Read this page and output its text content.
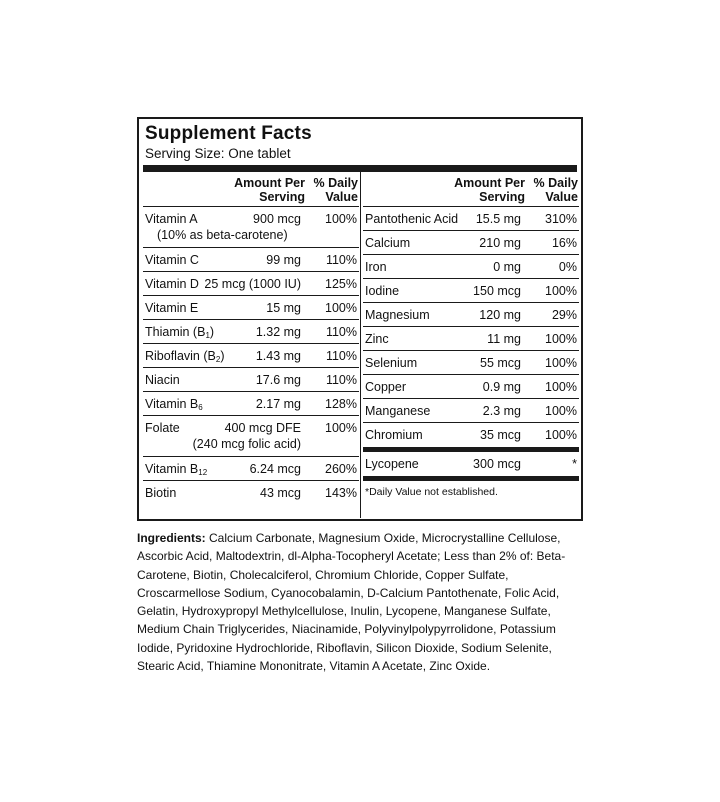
Supplement Facts
Serving Size: One tablet
Amount Per
Serving
% Daily
Value
Vitamin A	900 mcg 100%
(10% as beta-carotene)
Vitamin C	99 mg 110%
Vitamin D 25 mcg (1000 IU) 125%
Vitamin E	15 mg 100%
Thiamin $(B_1)$	1.32 mg 110%
Riboflavin $(B_2)$	1.43 mg 110%
Niacin	17.6 mg 110%
Vitamin $B_6$	2.17 mg 128%
Folate	400 mcg DFE 100%
(240 mcg folic acid)
Vitamin $B_{12}$	6.24 mcg 260%
Biotin	43 mcg 143%
Amount Per
Serving
% Daily
Value
Pantothenic Acid 15.5 mg 310%
Calcium	210 mg 16%
Iron	0 mg	0%
Iodine	150 mcg 100%
Magnesium	120 mg 29%
Zinc	11 mg 100%
Selenium	55 mcg 100%
Copper	0.9 mg 100%
Manganese	2.3 mg 100%
Chromium	35 mcg 100%
Lycopene	300 mcg	*
*Daily Value not established.
Ingredients: Calcium Carbonate, Magnesium Oxide, Microcrystalline Cellulose, Ascorbic Acid, Maltodextrin, dl-Alpha-Tocopheryl Acetate; Less than 2% of: Beta-Carotene, Biotin, Cholecalciferol, Chromium Chloride, Copper Sulfate, Croscarmellose Sodium, Cyanocobalamin, D-Calcium Pantothenate, Folic Acid, Gelatin, Hydroxypropyl Methylcellulose, Inulin, Lycopene, Manganese Sulfate, Medium Chain Triglycerides, Niacinamide, Polyvinylpolypyrrolidone, Potassium Iodide, Pyridoxine Hydrochloride, Riboflavin, Silicon Dioxide, Sodium Selenite, Stearic Acid, Thiamine Mononitrate, Vitamin A Acetate, Zinc Oxide.
